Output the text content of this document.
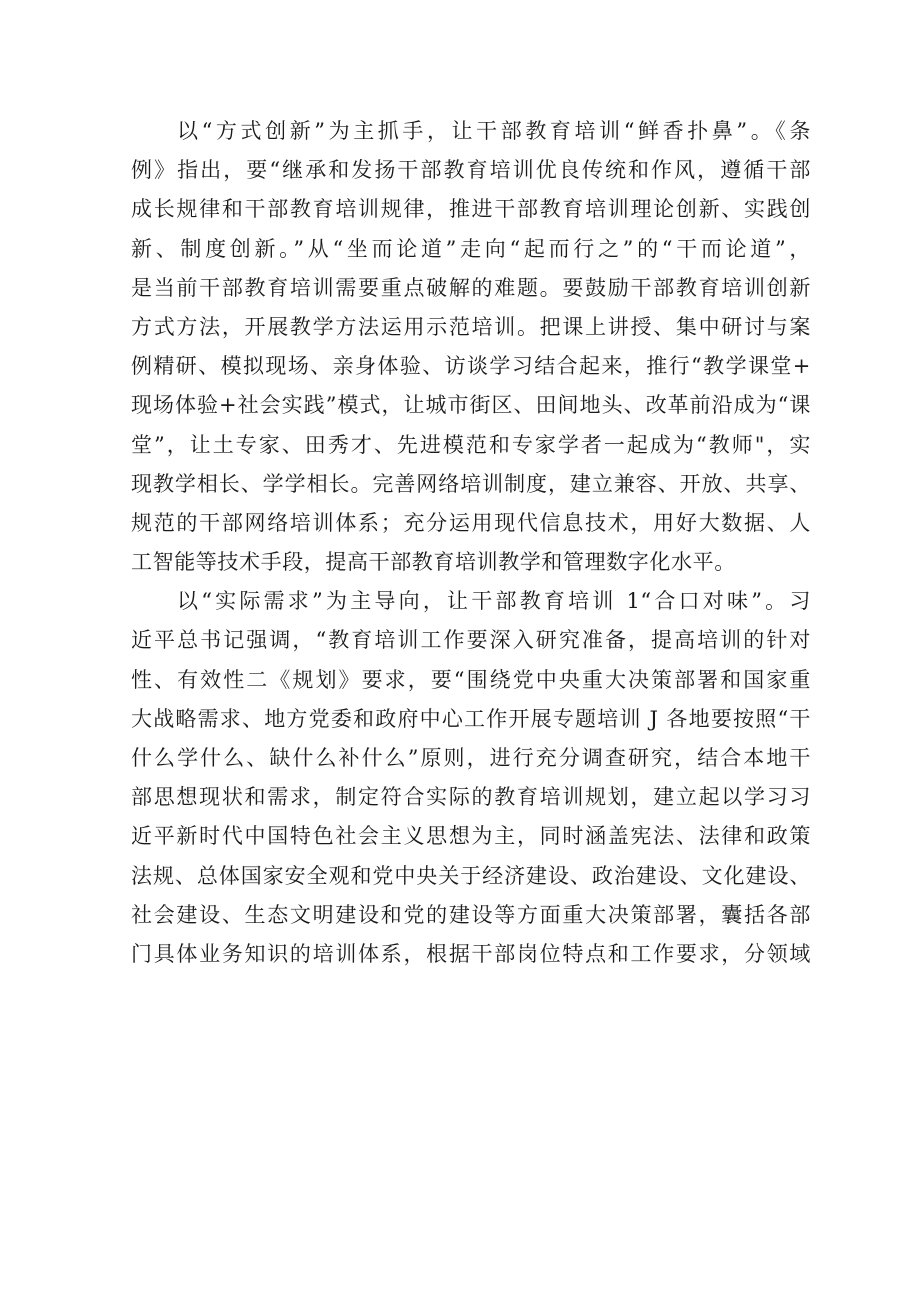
以“方式创新”为主抓手，让干部教育培训“鲜香扑鼻”。《条
例》指出，要“继承和发扬干部教育培训优良传统和作风，遵循干部
成长规律和干部教育培训规律，推进干部教育培训理论创新、实践创
新、制度创新。”从“坐而论道”走向“起而行之”的“干而论道”，
是当前干部教育培训需要重点破解的难题。要鼓励干部教育培训创新
方式方法，开展教学方法运用示范培训。把课上讲授、集中研讨与案
例精研、模拟现场、亲身体验、访谈学习结合起来，推行“教学课堂+
现场体验+社会实践”模式，让城市街区、田间地头、改革前沿成为“课
堂”，让土专家、田秀才、先进模范和专家学者一起成为“教师"，实
现教学相长、学学相长。完善网络培训制度，建立兼容、开放、共享、
规范的干部网络培训体系；充分运用现代信息技术，用好大数据、人
工智能等技术手段，提高干部教育培训教学和管理数字化水平。
以“实际需求”为主导向，让干部教育培训 1“合口对味”。习
近平总书记强调，“教育培训工作要深入研究准备，提高培训的针对
性、有效性二《规划》要求，要“围绕党中央重大决策部署和国家重
大战略需求、地方党委和政府中心工作开展专题培训 J 各地要按照“干
什么学什么、缺什么补什么”原则，进行充分调查研究，结合本地干
部思想现状和需求，制定符合实际的教育培训规划，建立起以学习习
近平新时代中国特色社会主义思想为主，同时涵盖宪法、法律和政策
法规、总体国家安全观和党中央关于经济建设、政治建设、文化建设、
社会建设、生态文明建设和党的建设等方面重大决策部署，囊括各部
门具体业务知识的培训体系，根据干部岗位特点和工作要求，分领域
